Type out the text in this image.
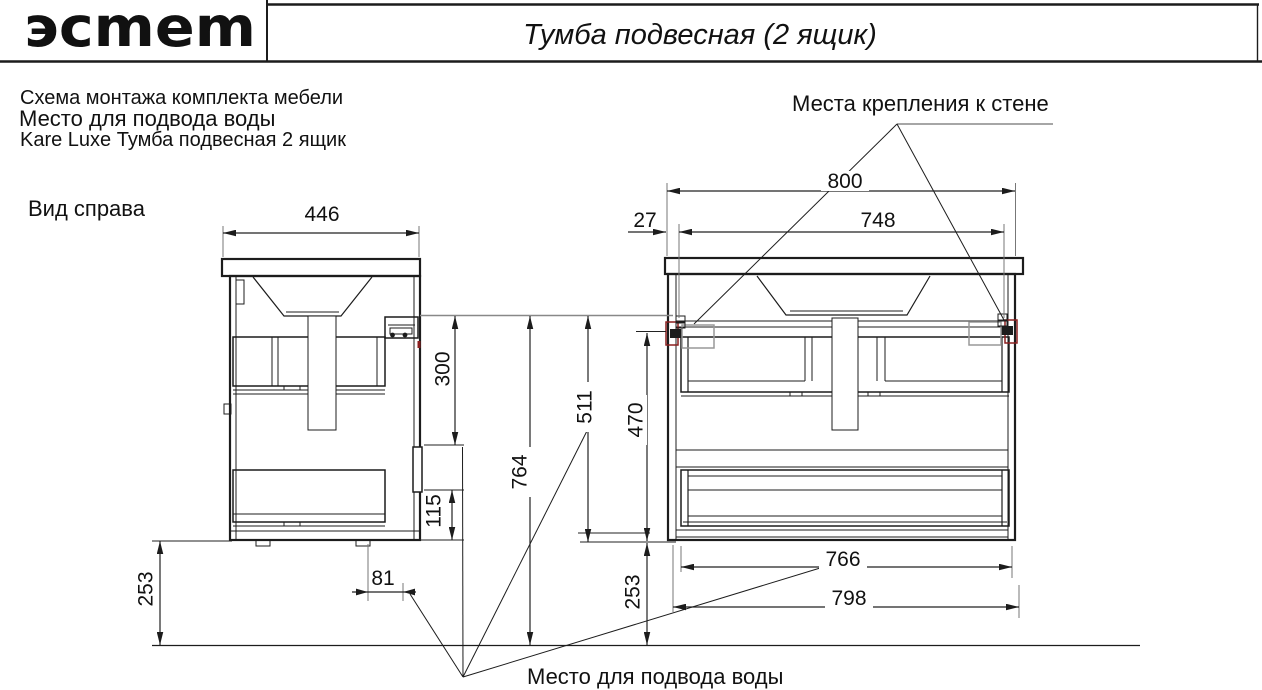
эсmem	Тумба подвесная (2 ящик)
Схема монтажа комплекта мебели
Место для подвода воды
Kare Luxe Тумба подвесная 2 ящик
Места крепления к стене
Вид справа
Место для подвода воды
446
800
27	748
300
764
511 470
115
253	253
81
766
798
